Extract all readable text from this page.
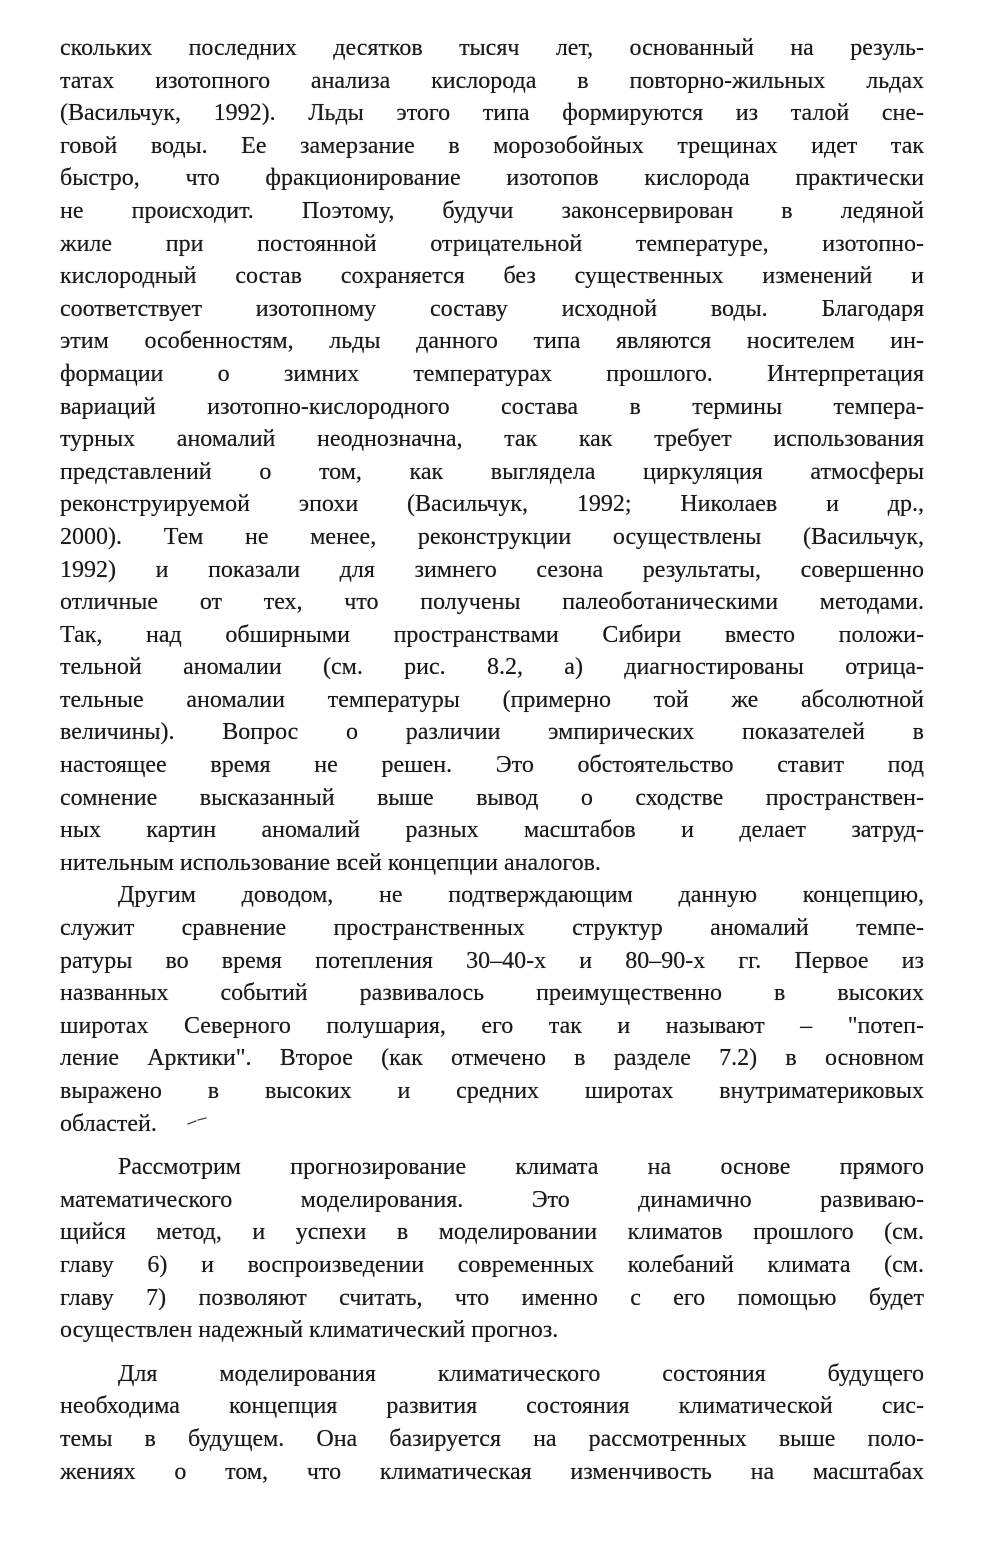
скольких последних десятков тысяч лет, основанный на резуль-
татах изотопного анализа кислорода в повторно-жильных льдах
(Васильчук, 1992). Льды этого типа формируются из талой сне-
говой воды. Ее замерзание в морозобойных трещинах идет так
быстро, что фракционирование изотопов кислорода практически
не происходит. Поэтому, будучи законсервирован в ледяной
жиле при постоянной отрицательной температуре, изотопно-
кислородный состав сохраняется без существенных изменений и
соответствует изотопному составу исходной воды. Благодаря
этим особенностям, льды данного типа являются носителем ин-
формации о зимних температурах прошлого. Интерпретация
вариаций изотопно-кислородного состава в термины темпера-
турных аномалий неоднозначна, так как требует использования
представлений о том, как выглядела циркуляция атмосферы
реконструируемой эпохи (Васильчук, 1992; Николаев и др.,
2000). Тем не менее, реконструкции осуществлены (Васильчук,
1992) и показали для зимнего сезона результаты, совершенно
отличные от тех, что получены палеоботаническими методами.
Так, над обширными пространствами Сибири вместо положи-
тельной аномалии (см. рис. 8.2, а) диагностированы отрица-
тельные аномалии температуры (примерно той же абсолютной
величины). Вопрос о различии эмпирических показателей в
настоящее время не решен. Это обстоятельство ставит под
сомнение высказанный выше вывод о сходстве пространствен-
ных картин аномалий разных масштабов и делает затруд-
нительным использование всей концепции аналогов.
Другим доводом, не подтверждающим данную концепцию,
служит сравнение пространственных структур аномалий темпе-
ратуры во время потепления 30–40-х и 80–90-х гг. Первое из
названных событий развивалось преимущественно в высоких
широтах Северного полушария, его так и называют – "потеп-
ление Арктики". Второе (как отмечено в разделе 7.2) в основном
выражено в высоких и средних широтах внутриматериковых
областей.
Рассмотрим прогнозирование климата на основе прямого
математического моделирования. Это динамично развиваю-
щийся метод, и успехи в моделировании климатов прошлого (см.
главу 6) и воспроизведении современных колебаний климата (см.
главу 7) позволяют считать, что именно с его помощью будет
осуществлен надежный климатический прогноз.
Для моделирования климатического состояния будущего
необходима концепция развития состояния климатической сис-
темы в будущем. Она базируется на рассмотренных выше поло-
жениях о том, что климатическая изменчивость на масштабах
